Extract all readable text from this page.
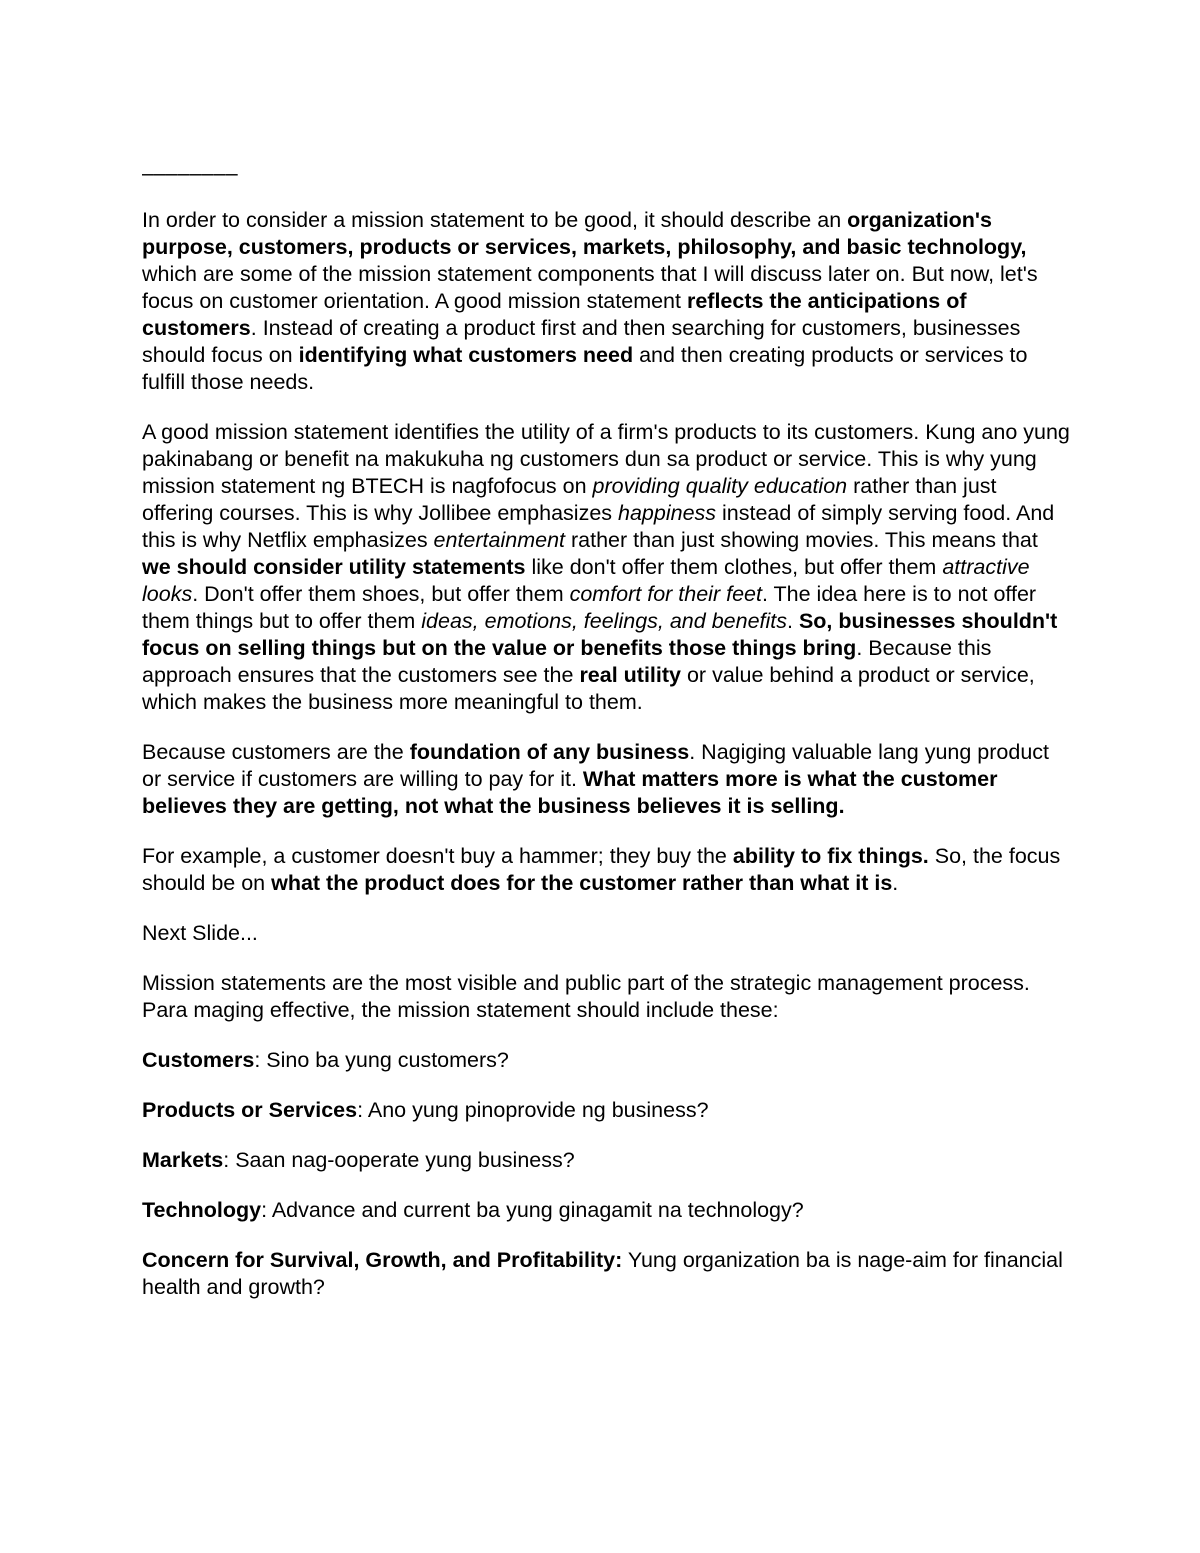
––––––––

In order to consider a mission statement to be good, it should describe an organization's purpose, customers, products or services, markets, philosophy, and basic technology, which are some of the mission statement components that I will discuss later on. But now, let's focus on customer orientation. A good mission statement reflects the anticipations of customers. Instead of creating a product first and then searching for customers, businesses should focus on identifying what customers need and then creating products or services to fulfill those needs.

A good mission statement identifies the utility of a firm's products to its customers. Kung ano yung pakinabang or benefit na makukuha ng customers dun sa product or service. This is why yung mission statement ng BTECH is nagfofocus on providing quality education rather than just offering courses. This is why Jollibee emphasizes happiness instead of simply serving food. And this is why Netflix emphasizes entertainment rather than just showing movies. This means that we should consider utility statements like don't offer them clothes, but offer them attractive looks. Don't offer them shoes, but offer them comfort for their feet. The idea here is to not offer them things but to offer them ideas, emotions, feelings, and benefits. So, businesses shouldn't focus on selling things but on the value or benefits those things bring. Because this approach ensures that the customers see the real utility or value behind a product or service, which makes the business more meaningful to them.

Because customers are the foundation of any business. Nagiging valuable lang yung product or service if customers are willing to pay for it. What matters more is what the customer believes they are getting, not what the business believes it is selling.

For example, a customer doesn't buy a hammer; they buy the ability to fix things. So, the focus should be on what the product does for the customer rather than what it is.

Next Slide...

Mission statements are the most visible and public part of the strategic management process. Para maging effective, the mission statement should include these:

Customers: Sino ba yung customers?

Products or Services: Ano yung pinoprovide ng business?

Markets: Saan nag-ooperate yung business?

Technology: Advance and current ba yung ginagamit na technology?

Concern for Survival, Growth, and Profitability: Yung organization ba is nage-aim for financial health and growth?
